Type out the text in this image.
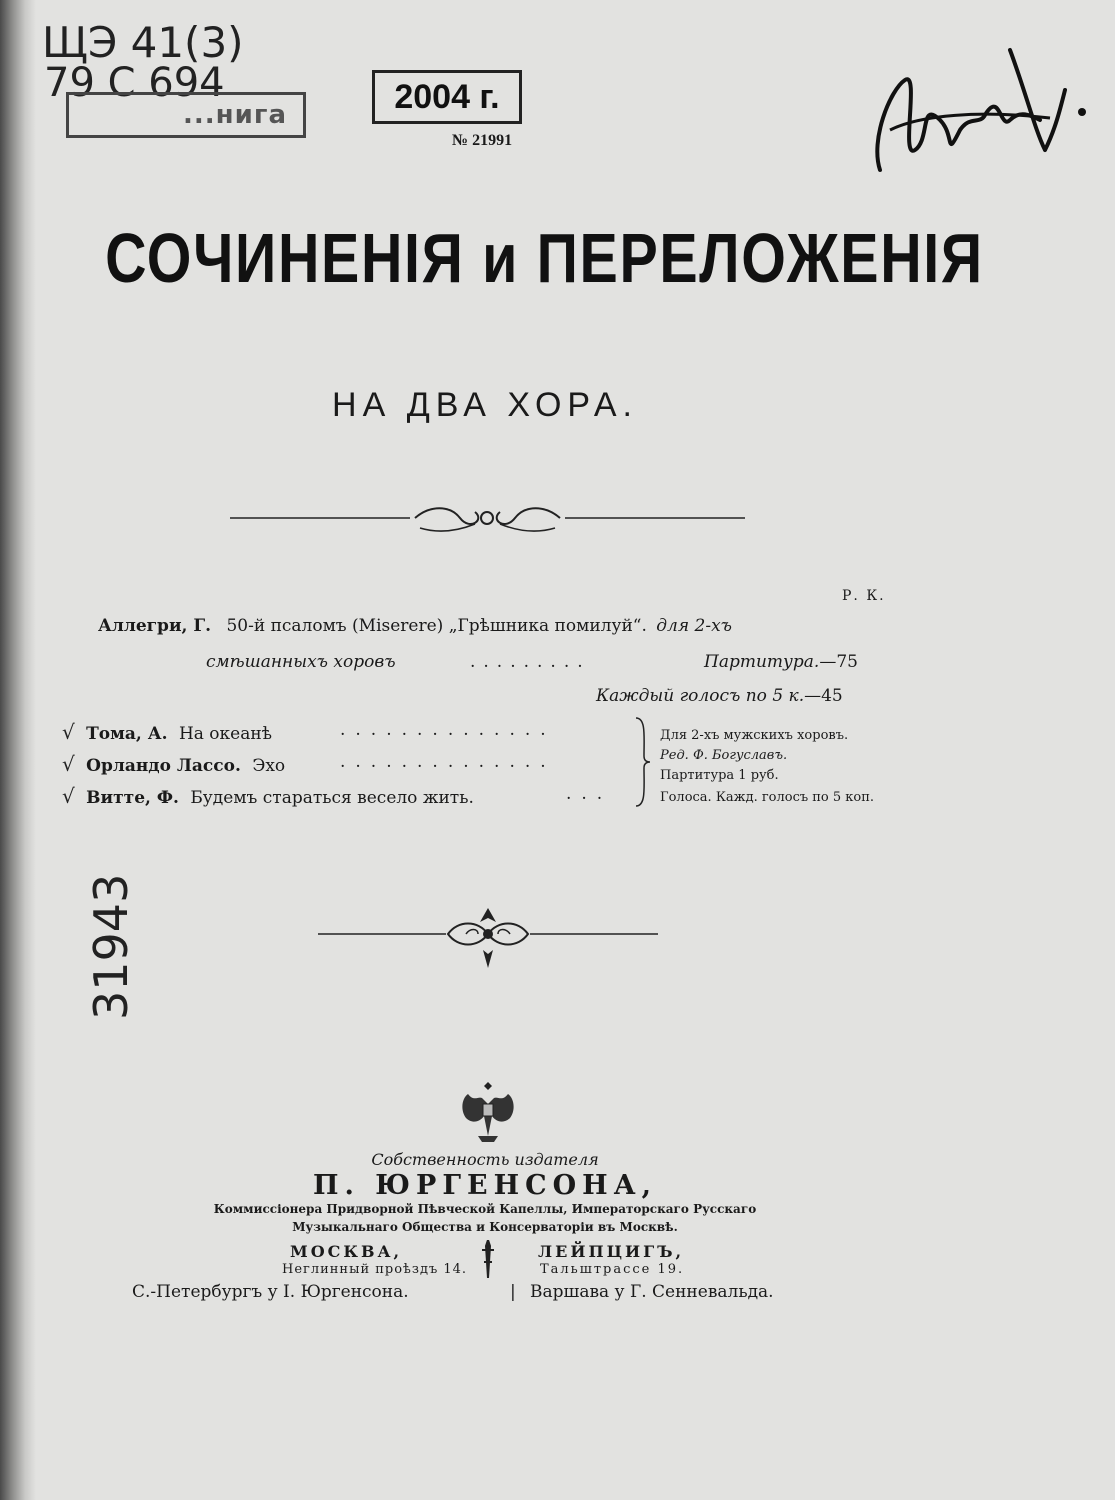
ЩЭ 41(3)
79 С 694
31943
...нига	2004 г.
№ 21991
СОЧИНЕНІЯ и ПЕРЕЛОЖЕНІЯ
НА ДВА ХОРА.
Р. К.
Аллегри, Г. 50-й псаломъ (Miserere) „Грѣшника помилуй“. для 2-хъ
смѣшанныхъ хоровъ	.........	Партитура.—75
Каждый голосъ по 5 к.—45
√ Тома, А. На океанѣ	..............
√ Орландо Лассо. Эхо	..............
√ Витте, Ф. Будемъ стараться весело жить.	...
Для 2-хъ мужскихъ хоровъ.
Ред. Ф. Богуславъ.
Партитура 1 руб.
Голоса. Кажд. голосъ по 5 коп.
Собственность издателя
П. ЮРГЕНСОНА,
Коммиссіонера Придворной Пѣвческой Капеллы, Императорскаго Русскаго
Музыкальнаго Общества и Консерваторіи въ Москвѣ.
МОСКВА,
Неглинный проѣздъ 14.
ЛЕЙПЦИГЪ,
Тальштрассе 19.
С.-Петербургъ у І. Юргенсона.	| Варшава у Г. Сенневальда.
